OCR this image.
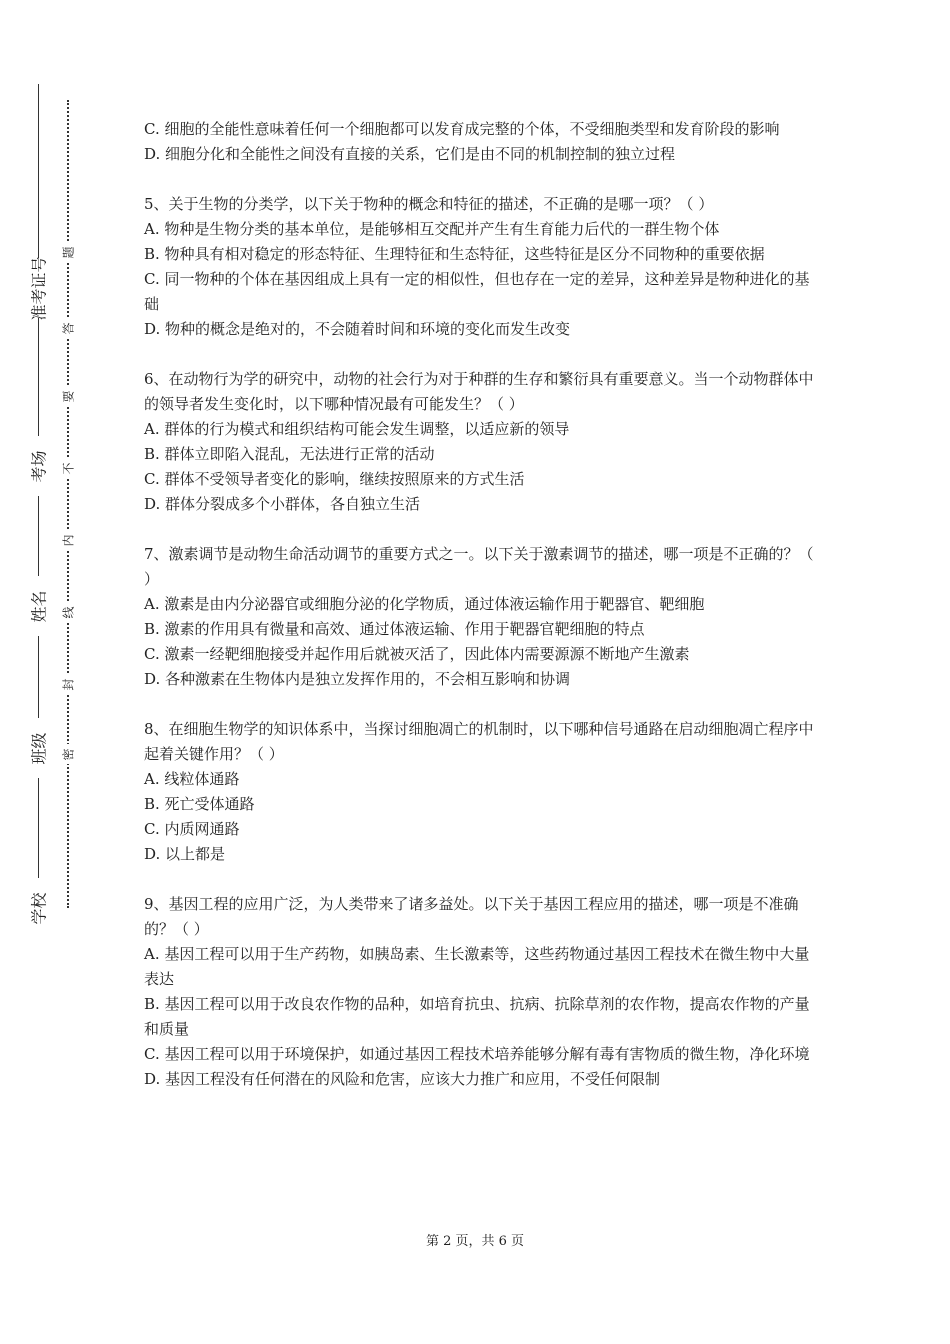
准考证号
考场
姓名
班级
学校
题
答
要
不
内
线
封
密

C. 细胞的全能性意味着任何一个细胞都可以发育成完整的个体，不受细胞类型和发育阶段的影响

D. 细胞分化和全能性之间没有直接的关系，它们是由不同的机制控制的独立过程

5、关于生物的分类学，以下关于物种的概念和特征的描述，不正确的是哪一项？（ ）

A. 物种是生物分类的基本单位，是能够相互交配并产生有生育能力后代的一群生物个体

B. 物种具有相对稳定的形态特征、生理特征和生态特征，这些特征是区分不同物种的重要依据

C. 同一物种的个体在基因组成上具有一定的相似性，但也存在一定的差异，这种差异是物种进化的基础

D. 物种的概念是绝对的，不会随着时间和环境的变化而发生改变

6、在动物行为学的研究中，动物的社会行为对于种群的生存和繁衍具有重要意义。当一个动物群体中的领导者发生变化时，以下哪种情况最有可能发生？（ ）

A. 群体的行为模式和组织结构可能会发生调整，以适应新的领导

B. 群体立即陷入混乱，无法进行正常的活动

C. 群体不受领导者变化的影响，继续按照原来的方式生活

D. 群体分裂成多个小群体，各自独立生活

7、激素调节是动物生命活动调节的重要方式之一。以下关于激素调节的描述，哪一项是不正确的？（ ）

A. 激素是由内分泌器官或细胞分泌的化学物质，通过体液运输作用于靶器官、靶细胞

B. 激素的作用具有微量和高效、通过体液运输、作用于靶器官靶细胞的特点

C. 激素一经靶细胞接受并起作用后就被灭活了，因此体内需要源源不断地产生激素

D. 各种激素在生物体内是独立发挥作用的，不会相互影响和协调

8、在细胞生物学的知识体系中，当探讨细胞凋亡的机制时，以下哪种信号通路在启动细胞凋亡程序中起着关键作用？（ ）

A. 线粒体通路

B. 死亡受体通路

C. 内质网通路

D. 以上都是

9、基因工程的应用广泛，为人类带来了诸多益处。以下关于基因工程应用的描述，哪一项是不准确的？（ ）

A. 基因工程可以用于生产药物，如胰岛素、生长激素等，这些药物通过基因工程技术在微生物中大量表达

B. 基因工程可以用于改良农作物的品种，如培育抗虫、抗病、抗除草剂的农作物，提高农作物的产量和质量

C. 基因工程可以用于环境保护，如通过基因工程技术培养能够分解有毒有害物质的微生物，净化环境

D. 基因工程没有任何潜在的风险和危害，应该大力推广和应用，不受任何限制

第 2 页，共 6 页
